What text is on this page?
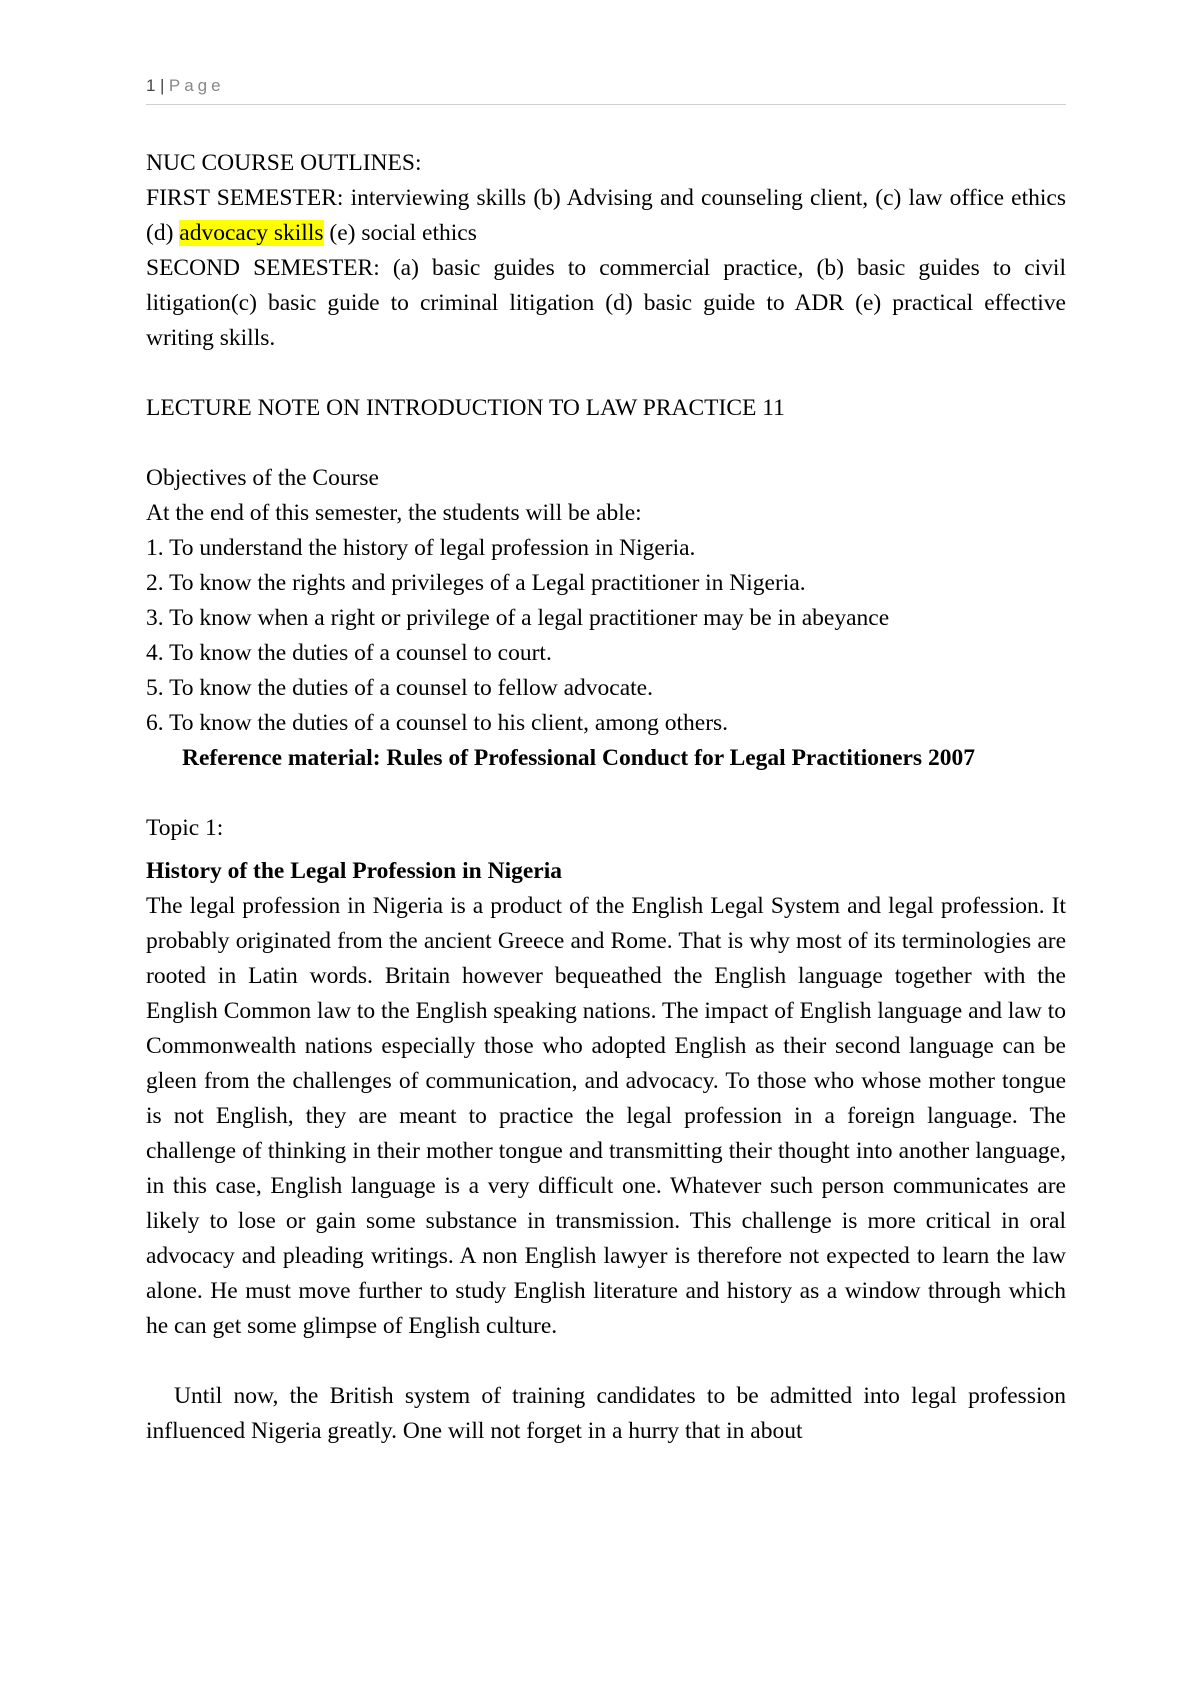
1 | Page

NUC COURSE OUTLINES:

FIRST SEMESTER: interviewing skills (b) Advising and counseling client, (c) law office ethics (d) advocacy skills (e) social ethics

SECOND SEMESTER: (a) basic guides to commercial practice, (b) basic guides to civil litigation(c) basic guide to criminal litigation (d) basic guide to ADR (e) practical effective writing skills.

LECTURE NOTE ON INTRODUCTION TO LAW PRACTICE 11

Objectives of the Course

At the end of this semester, the students will be able:

1. To understand the history of legal profession in Nigeria.

2. To know the rights and privileges of a Legal practitioner in Nigeria.

3. To know when a right or privilege of a legal practitioner may be in abeyance

4. To know the duties of a counsel to court.

5. To know the duties of a counsel to fellow advocate.

6. To know the duties of a counsel to his client, among others.

Reference material: Rules of Professional Conduct for Legal Practitioners 2007

Topic 1:

History of the Legal Profession in Nigeria

The legal profession in Nigeria is a product of the English Legal System and legal profession. It probably originated from the ancient Greece and Rome. That is why most of its terminologies are rooted in Latin words. Britain however bequeathed the English language together with the English Common law to the English speaking nations. The impact of English language and law to Commonwealth nations especially those who adopted English as their second language can be gleen from the challenges of communication, and advocacy. To those who whose mother tongue is not English, they are meant to practice the legal profession in a foreign language. The challenge of thinking in their mother tongue and transmitting their thought into another language, in this case, English language is a very difficult one. Whatever such person communicates are likely to lose or gain some substance in transmission. This challenge is more critical in oral advocacy and pleading writings. A non English lawyer is therefore not expected to learn the law alone. He must move further to study English literature and history as a window through which he can get some glimpse of English culture.

Until now, the British system of training candidates to be admitted into legal profession influenced Nigeria greatly. One will not forget in a hurry that in about
